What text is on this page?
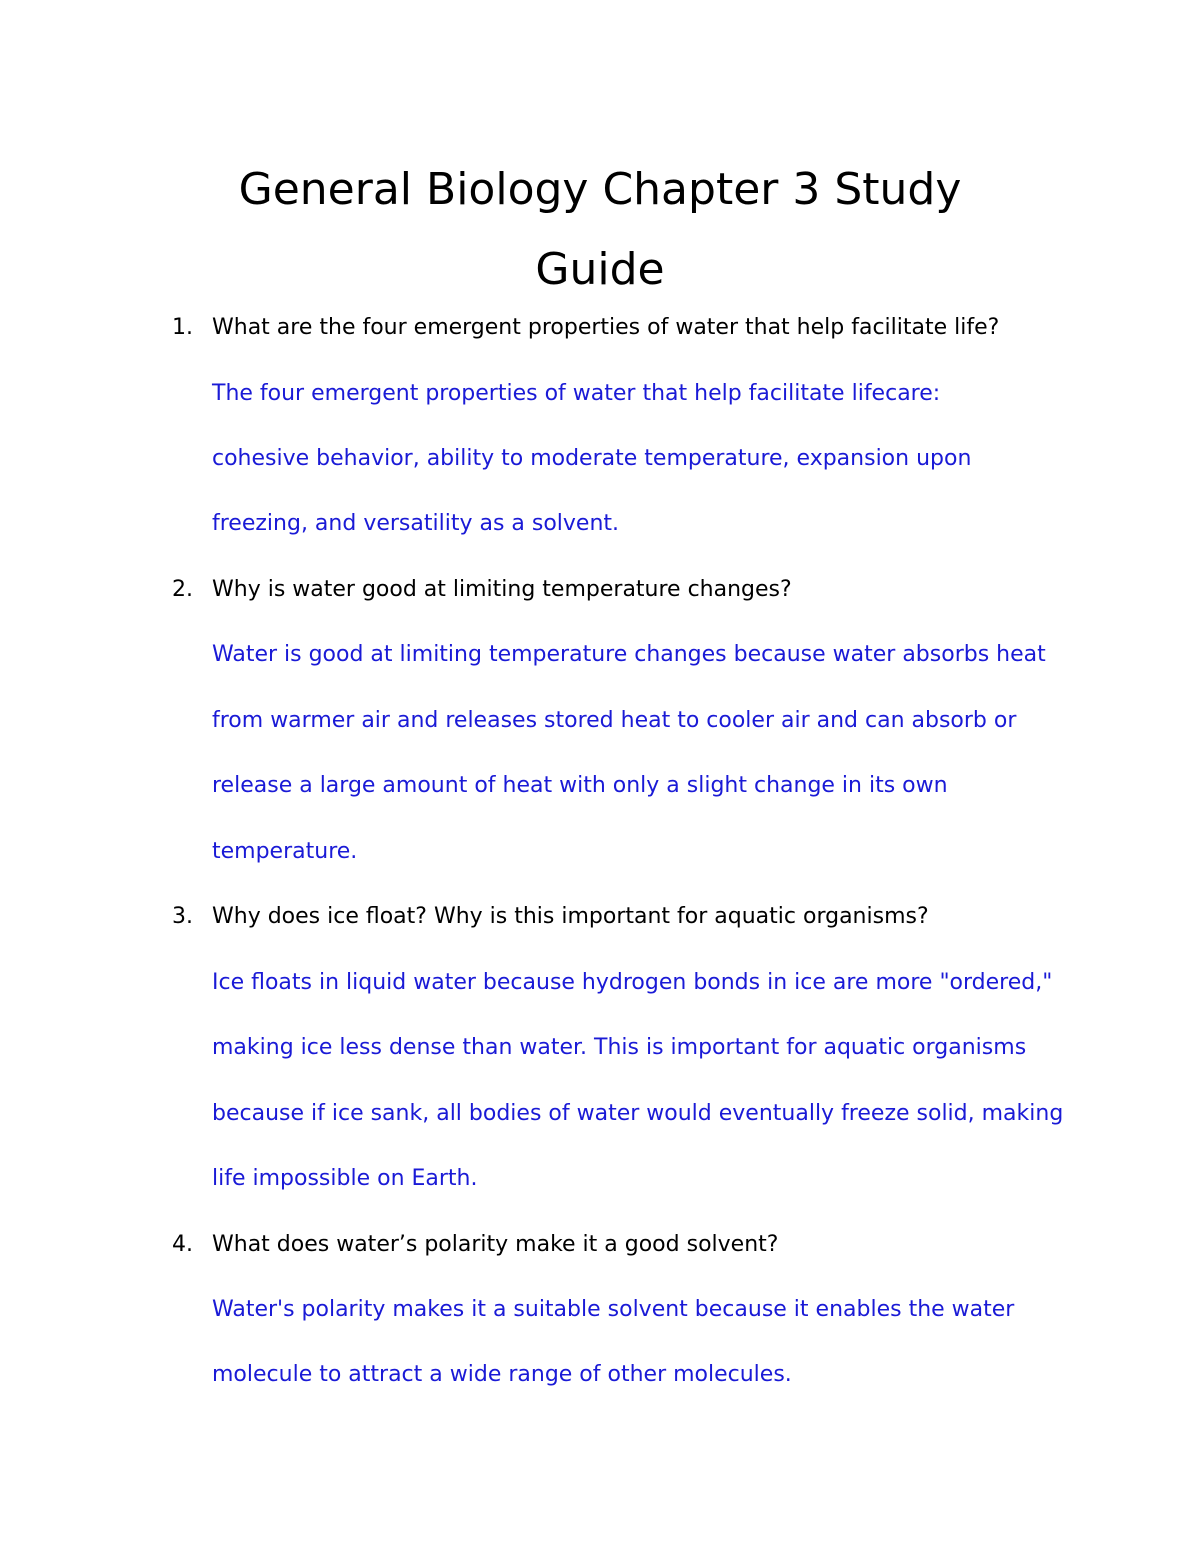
General Biology Chapter 3 Study
Guide
1. What are the four emergent properties of water that help facilitate life?
The four emergent properties of water that help facilitate lifecare:
cohesive behavior, ability to moderate temperature, expansion upon
freezing, and versatility as a solvent.
2. Why is water good at limiting temperature changes?
Water is good at limiting temperature changes because water absorbs heat
from warmer air and releases stored heat to cooler air and can absorb or
release a large amount of heat with only a slight change in its own
temperature.
3. Why does ice float? Why is this important for aquatic organisms?
Ice floats in liquid water because hydrogen bonds in ice are more "ordered,"
making ice less dense than water. This is important for aquatic organisms
because if ice sank, all bodies of water would eventually freeze solid, making
life impossible on Earth.
4. What does water’s polarity make it a good solvent?
Water's polarity makes it a suitable solvent because it enables the water
molecule to attract a wide range of other molecules.
